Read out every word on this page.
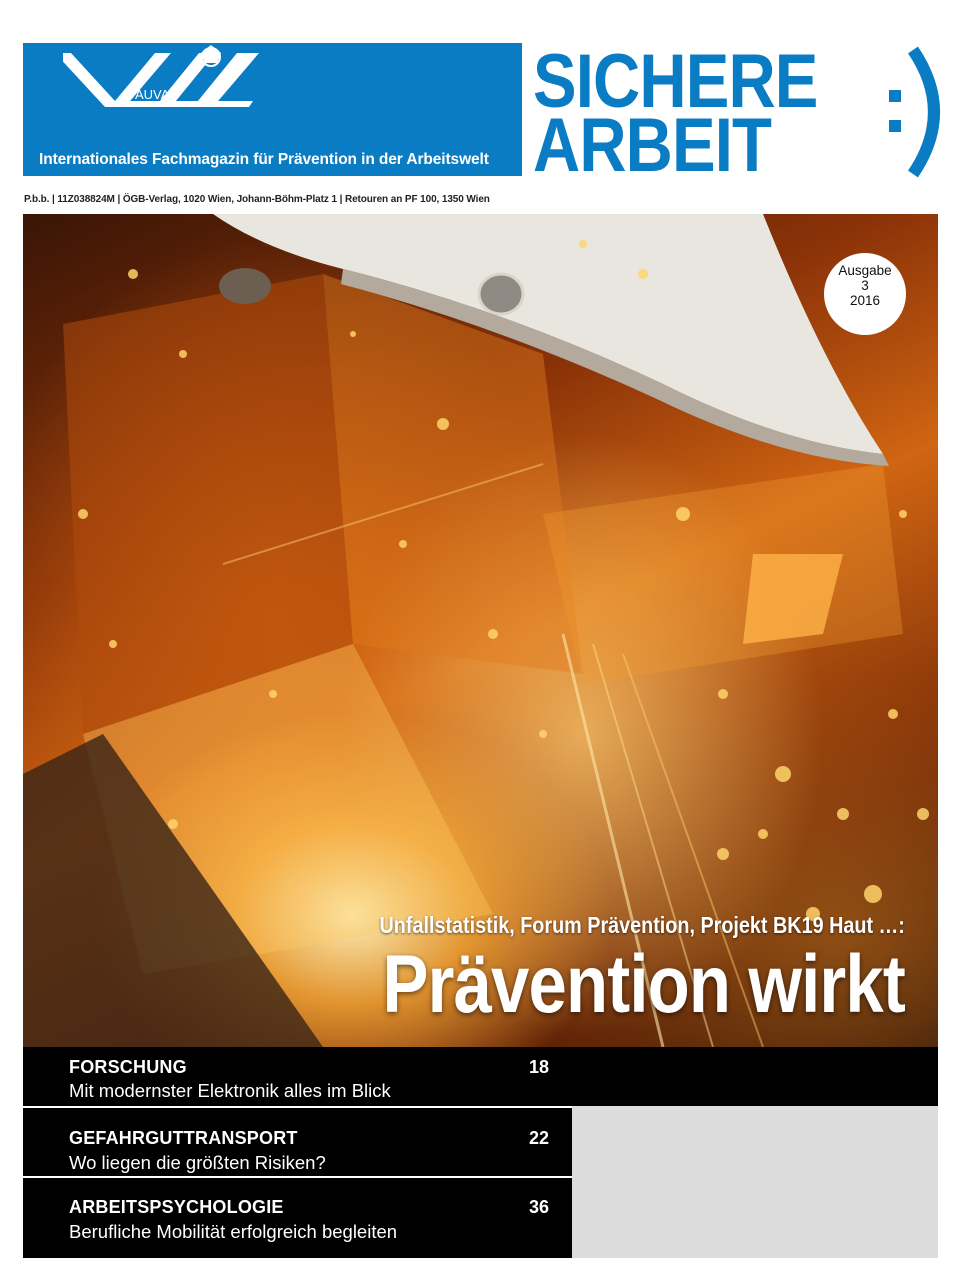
AUVA
Internationales Fachmagazin für Prävention in der Arbeitswelt
SICHERE
ARBEIT
P.b.b. | 11Z038824M | ÖGB-Verlag, 1020 Wien, Johann-Böhm-Platz 1 | Retouren an PF 100, 1350 Wien
Ausgabe
3
2016
Unfallstatistik, Forum Prävention, Projekt BK19 Haut …:
Prävention wirkt
FORSCHUNG	18
Mit modernster Elektronik alles im Blick
GEFAHRGUTTRANSPORT	22
Wo liegen die größten Risiken?
ARBEITSPSYCHOLOGIE	36
Berufliche Mobilität erfolgreich begleiten
